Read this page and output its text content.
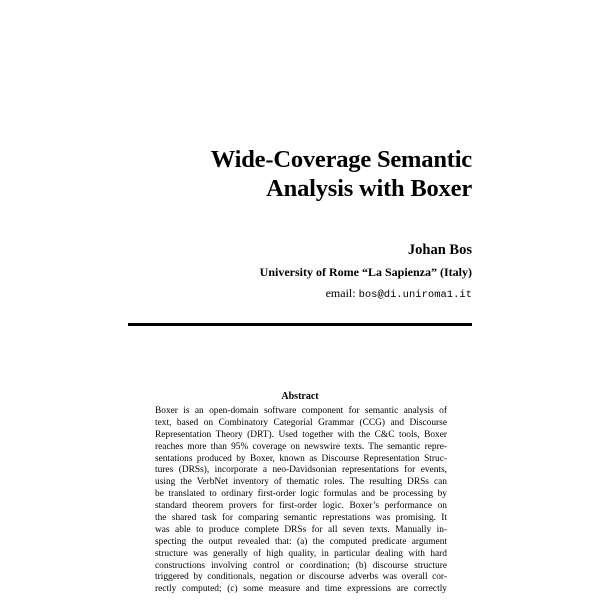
Wide-Coverage Semantic
Analysis with Boxer
Johan Bos
University of Rome “La Sapienza” (Italy)
email: bos@di.uniroma1.it
Abstract
Boxer is an open-domain software component for semantic analysis of
text, based on Combinatory Categorial Grammar (CCG) and Discourse
Representation Theory (DRT). Used together with the C&C tools, Boxer
reaches more than 95% coverage on newswire texts. The semantic repre-
sentations produced by Boxer, known as Discourse Representation Struc-
tures (DRSs), incorporate a neo-Davidsonian representations for events,
using the VerbNet inventory of thematic roles. The resulting DRSs can
be translated to ordinary first-order logic formulas and be processing by
standard theorem provers for first-order logic. Boxer’s performance on
the shared task for comparing semantic represtations was promising. It
was able to produce complete DRSs for all seven texts. Manually in-
specting the output revealed that: (a) the computed predicate argument
structure was generally of high quality, in particular dealing with hard
constructions involving control or coordination; (b) discourse structure
triggered by conditionals, negation or discourse adverbs was overall cor-
rectly computed; (c) some measure and time expressions are correctly
